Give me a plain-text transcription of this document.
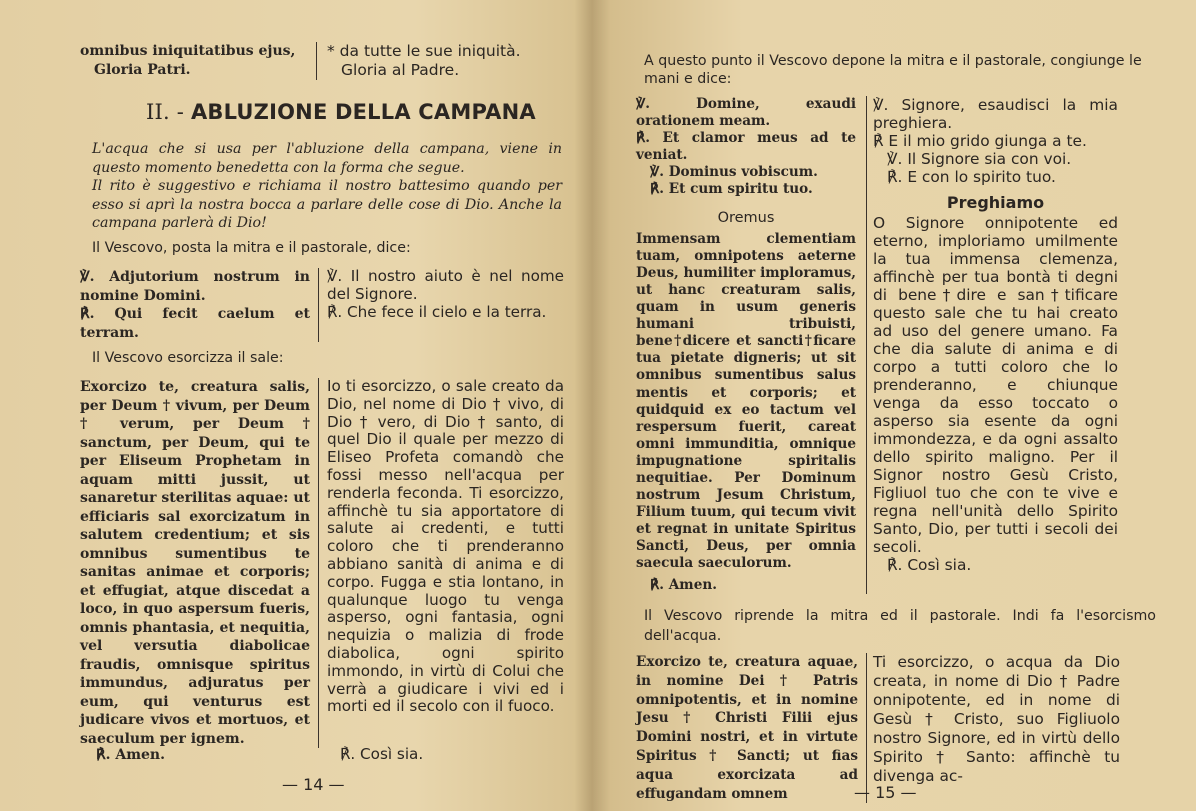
omnibus iniquitatibus ejus,

Gloria Patri.

* da tutte le sue iniquità.

Gloria al Padre.

II. - ABLUZIONE DELLA CAMPANA

L'acqua che si usa per l'abluzione della campana, viene in questo momento benedetta con la forma che segue.

Il rito è suggestivo e richiama il nostro battesimo quando per esso si aprì la nostra bocca a parlare delle cose di Dio. Anche la campana parlerà di Dio!

Il Vescovo, posta la mitra e il pastorale, dice:

℣. Adjutorium nostrum in nomine Domini.

℟. Qui fecit caelum et terram.

℣. Il nostro aiuto è nel nome del Signore.

℟. Che fece il cielo e la terra.

Il Vescovo esorcizza il sale:

Exorcizo te, creatura salis, per Deum † vivum, per Deum † verum, per Deum † sanctum, per Deum, qui te per Eliseum Prophetam in aquam mitti jussit, ut sanaretur sterilitas aquae: ut efficiaris sal exorcizatum in salutem credentium; et sis omnibus sumentibus te sanitas animae et corporis; et effugiat, atque discedat a loco, in quo aspersum fueris, omnis phantasia, et nequitia, vel versutia diabolicae fraudis, omnisque spiritus immundus, adjuratus per eum, qui venturus est judicare vivos et mortuos, et saeculum per ignem.

Io ti esorcizzo, o sale creato da Dio, nel nome di Dio † vivo, di Dio † vero, di Dio † santo, di quel Dio il quale per mezzo di Eliseo Profeta comandò che fossi messo nell'acqua per renderla feconda. Ti esorcizzo, affinchè tu sia apportatore di salute ai credenti, e tutti coloro che ti prenderanno abbiano sanità di anima e di corpo. Fugga e stia lontano, in qualunque luogo tu venga asperso, ogni fantasia, ogni nequizia o malizia di frode diabolica, ogni spirito immondo, in virtù di Colui che verrà a giudicare i vivi ed i morti ed il secolo con il fuoco.

℟. Amen.	℟. Così sia.

— 14 —

A questo punto il Vescovo depone la mitra e il pastorale, congiunge le mani e dice:

℣. Domine, exaudi orationem meam.

℟. Et clamor meus ad te veniat.

℣. Dominus vobiscum.

℟. Et cum spiritu tuo.

Oremus

Immensam clementiam tuam, omnipotens aeterne Deus, humiliter imploramus, ut hanc creaturam salis, quam in usum generis humani tribuisti, bene†dicere et sancti†ficare tua pietate digneris; ut sit omnibus sumentibus salus mentis et corporis; et quidquid ex eo tactum vel respersum fuerit, careat omni immunditia, omnique impugnatione spiritalis nequitiae. Per Dominum nostrum Jesum Christum, Filium tuum, qui tecum vivit et regnat in unitate Spiritus Sancti, Deus, per omnia saecula saeculorum.

℟. Amen.

℣. Signore, esaudisci la mia preghiera.

℟ E il mio grido giunga a te.

℣. Il Signore sia con voi.

℟. E con lo spirito tuo.

Preghiamo

O Signore onnipotente ed eterno, imploriamo umilmente la tua immensa clemenza, affinchè per tua bontà ti degni di bene†dire e san†tificare questo sale che tu hai creato ad uso del genere umano. Fa che dia salute di anima e di corpo a tutti coloro che lo prenderanno, e chiunque venga da esso toccato o asperso sia esente da ogni immondezza, e da ogni assalto dello spirito maligno. Per il Signor nostro Gesù Cristo, Figliuol tuo che con te vive e regna nell'unità dello Spirito Santo, Dio, per tutti i secoli dei secoli.

℟. Così sia.

Il Vescovo riprende la mitra ed il pastorale. Indi fa l'esorcismo dell'acqua.

Exorcizo te, creatura aquae, in nomine Dei † Patris omnipotentis, et in nomine Jesu † Christi Filii ejus Domini nostri, et in virtute Spiritus † Sancti; ut fias aqua exorcizata ad effugandam omnem

Ti esorcizzo, o acqua da Dio creata, in nome di Dio † Padre onnipotente, ed in nome di Gesù † Cristo, suo Figliuolo nostro Signore, ed in virtù dello Spirito † Santo: affinchè tu divenga ac-

— 15 —
